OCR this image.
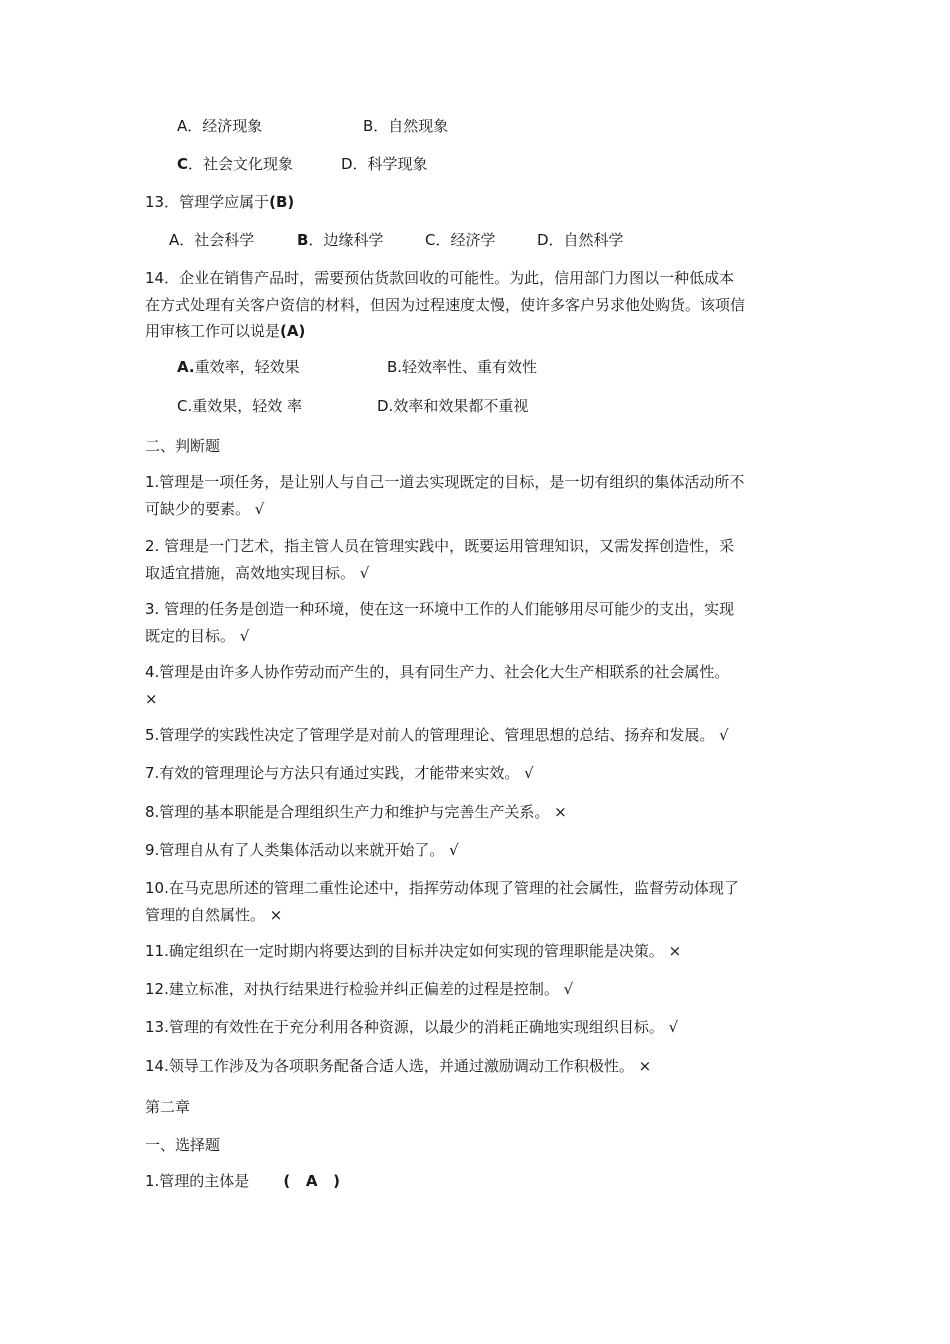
A．经济现象	B．自然现象
C．社会文化现象	D．科学现象
13．管理学应属于(B)
A．社会科学	B．边缘科学	C．经济学	D．自然科学
14．企业在销售产品时，需要预估货款回收的可能性。为此，信用部门力图以一种低成本
在方式处理有关客户资信的材料，但因为过程速度太慢，使许多客户另求他处购货。该项信
用审核工作可以说是(A)
A.重效率，轻效果	B.轻效率性、重有效性
C.重效果，轻效 率	D.效率和效果都不重视
二、判断题
1.管理是一项任务，是让别人与自己一道去实现既定的目标，是一切有组织的集体活动所不
可缺少的要素。 √
2. 管理是一门艺术，指主管人员在管理实践中，既要运用管理知识，又需发挥创造性，采
取适宜措施，高效地实现目标。 √
3. 管理的任务是创造一种环境，使在这一环境中工作的人们能够用尽可能少的支出，实现
既定的目标。 √
4.管理是由许多人协作劳动而产生的，具有同生产力、社会化大生产相联系的社会属性。
×
5.管理学的实践性决定了管理学是对前人的管理理论、管理思想的总结、扬弃和发展。 √
7.有效的管理理论与方法只有通过实践，才能带来实效。 √
8.管理的基本职能是合理组织生产力和维护与完善生产关系。 ×
9.管理自从有了人类集体活动以来就开始了。 √
10.在马克思所述的管理二重性论述中，指挥劳动体现了管理的社会属性，监督劳动体现了
管理的自然属性。 ×
11.确定组织在一定时期内将要达到的目标并决定如何实现的管理职能是决策。 ×
12.建立标准，对执行结果进行检验并纠正偏差的过程是控制。 √
13.管理的有效性在于充分利用各种资源，以最少的消耗正确地实现组织目标。 √
14.领导工作涉及为各项职务配备合适人选，并通过激励调动工作积极性。 ×
第二章
一、选择题
1.管理的主体是 (   A   )
